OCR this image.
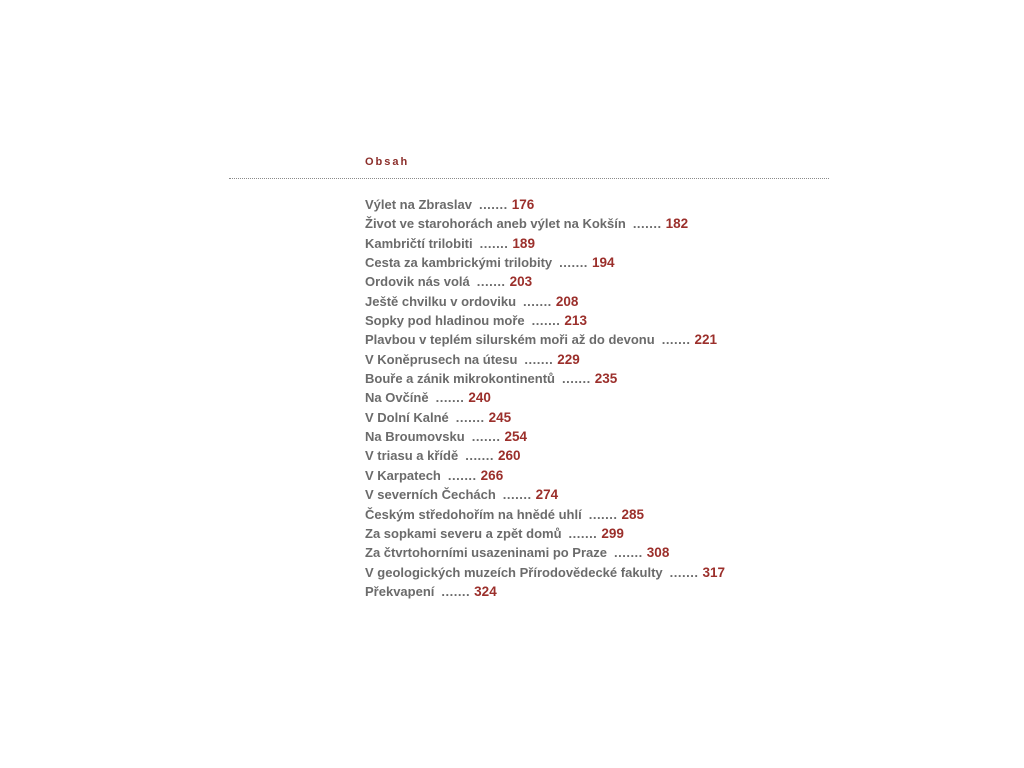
Obsah
Výlet na Zbraslav ....... 176
Život ve starohorách aneb výlet na Kokšín ....... 182
Kambričtí trilobiti ....... 189
Cesta za kambrickými trilobity ....... 194
Ordovik nás volá ....... 203
Ještě chvilku v ordoviku ....... 208
Sopky pod hladinou moře ....... 213
Plavbou v teplém silurském moři až do devonu ....... 221
V Koněprusech na útesu ....... 229
Bouře a zánik mikrokontinentů ....... 235
Na Ovčíně ....... 240
V Dolní Kalné ....... 245
Na Broumovsku ....... 254
V triasu a křídě ....... 260
V Karpatech ....... 266
V severních Čechách ....... 274
Českým středohořím na hnědé uhlí ....... 285
Za sopkami severu a zpět domů ....... 299
Za čtvrtohorními usazeninami po Praze ....... 308
V geologických muzeích Přírodovědecké fakulty ....... 317
Překvapení ....... 324
